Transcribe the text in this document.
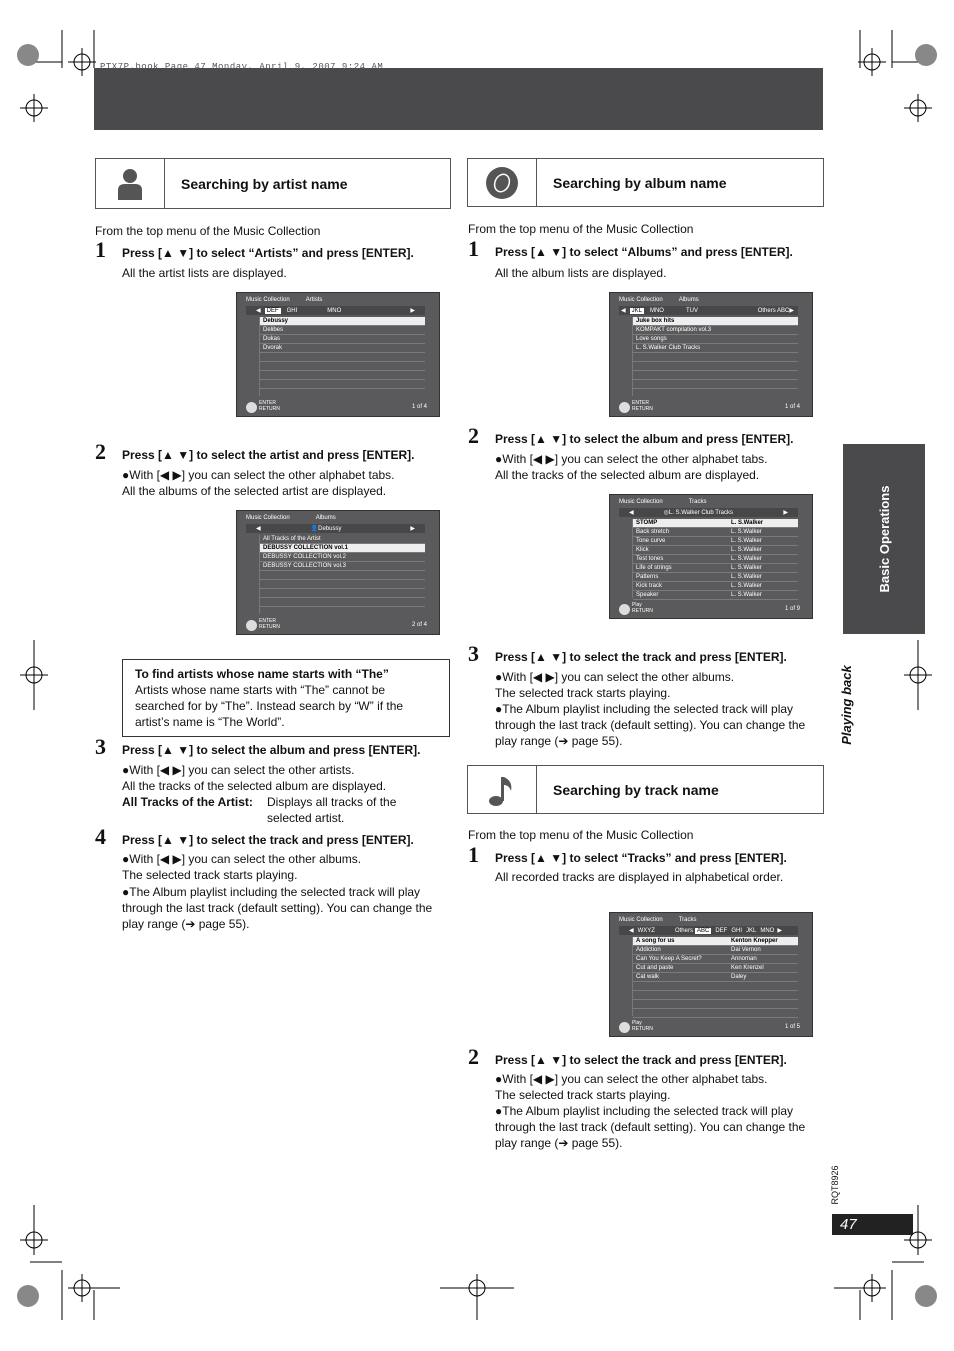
PTX7P.book Page 47 Monday, April 9, 2007 9:24 AM
Searching by artist name
From the top menu of the Music Collection
1 Press [▲ ▼] to select “Artists” and press [ENTER].
All the artist lists are displayed.
Music Collection	Artists
◀	DEF	GHI	MNO	▶
Debussy
Delibes
Dukas
Dvorak
ENTER
RETURN	1 of 4
2 Press [▲ ▼] to select the artist and press [ENTER].
●With [◀ ▶] you can select the other alphabet tabs.
All the albums of the selected artist are displayed.
Music Collection	Albums
◀	👤 Debussy	▶
All Tracks of the Artist
DEBUSSY COLLECTION vol.1
DEBUSSY COLLECTION vol.2
DEBUSSY COLLECTION vol.3
ENTER
RETURN	2 of 4
To find artists whose name starts with “The”
Artists whose name starts with “The” cannot be searched for by “The”. Instead search by “W” if the artist’s name is “The World”.
3 Press [▲ ▼] to select the album and press [ENTER].
●With [◀ ▶] you can select the other artists.
All the tracks of the selected album are displayed.
All Tracks of the Artist: Displays all tracks of the selected artist.
4 Press [▲ ▼] to select the track and press [ENTER].
●With [◀ ▶] you can select the other albums.
The selected track starts playing.
●The Album playlist including the selected track will play through the last track (default setting). You can change the play range (➔ page 55).
Searching by album name
From the top menu of the Music Collection
1 Press [▲ ▼] to select “Albums” and press [ENTER].
All the album lists are displayed.
Music Collection	Albums
◀	JKL	MNO	TUV	Others ABC ▶
Juke box hits
KOMPAKT compilation vol.3
Love songs
L. S.Walker Club Tracks
ENTER
RETURN	1 of 4
2 Press [▲ ▼] to select the album and press [ENTER].
●With [◀ ▶] you can select the other alphabet tabs.
All the tracks of the selected album are displayed.
Music Collection	Tracks
◀	◎ L. S.Walker Club Tracks	▶
STOMP	L. S.Walker
Back stretch	L. S.Walker
Tone curve	L. S.Walker
Klick	L. S.Walker
Test tones	L. S.Walker
Life of strings	L. S.Walker
Patterns	L. S.Walker
Kick track	L. S.Walker
Speaker	L. S.Walker
Play
RETURN	1 of 9
3 Press [▲ ▼] to select the track and press [ENTER].
●With [◀ ▶] you can select the other albums.
The selected track starts playing.
●The Album playlist including the selected track will play through the last track (default setting). You can change the play range (➔ page 55).
Searching by track name
From the top menu of the Music Collection
1 Press [▲ ▼] to select “Tracks” and press [ENTER].
All recorded tracks are displayed in alphabetical order.
Music Collection	Tracks
◀ WXYZ	Others ABC	DEF GHI JKL MNO ▶
A song for us	Kenton Knepper
Addiction	Dai Vernon
Can You Keep A Secret?	Annoman
Cut and paste	Ken Krenzel
Cat walk	Daley
Play
RETURN	1 of 5
2 Press [▲ ▼] to select the track and press [ENTER].
●With [◀ ▶] you can select the other alphabet tabs.
The selected track starts playing.
●The Album playlist including the selected track will play through the last track (default setting). You can change the play range (➔ page 55).
Basic Operations
Playing back
RQT8926
47
